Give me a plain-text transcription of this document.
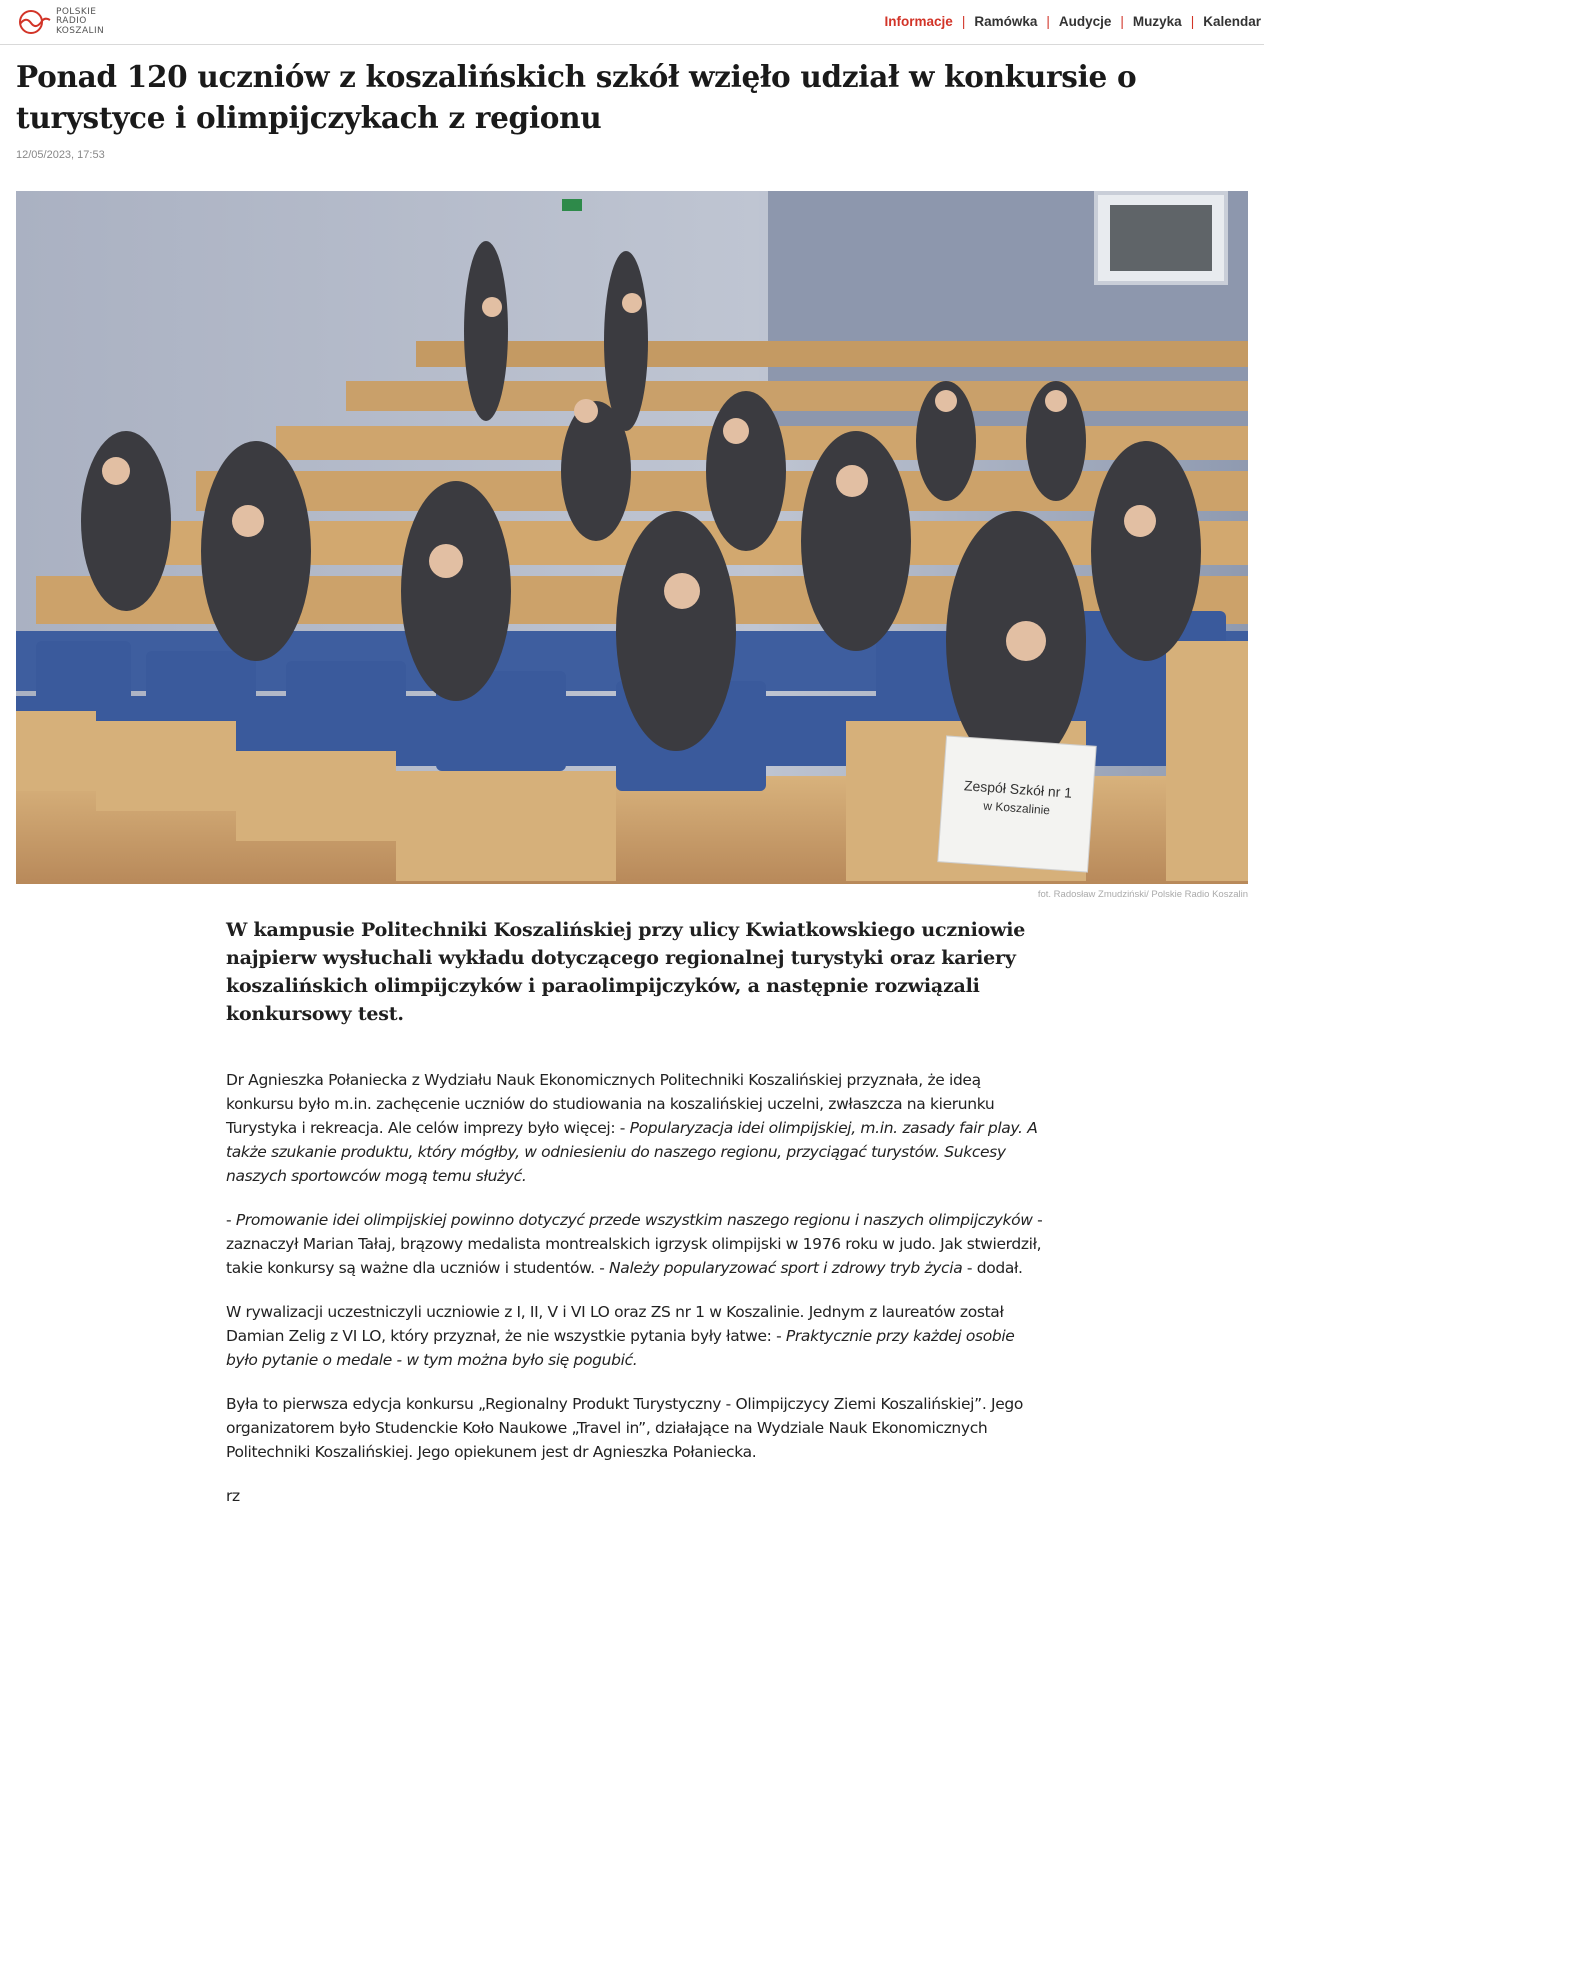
POLSKIE
RADIO
KOSZALIN
Informacje | Ramówka | Audycje | Muzyka | Kalendar
Ponad 120 uczniów z koszalińskich szkół wzięło udział w konkursie o turystyce i olimpijczykach z regionu
12/05/2023, 17:53
Zespół Szkół nr 1
w Koszalinie
fot. Radosław Zmudziński/ Polskie Radio Koszalin

W kampusie Politechniki Koszalińskiej przy ulicy Kwiatkowskiego uczniowie najpierw wysłuchali wykładu dotyczącego regionalnej turystyki oraz kariery koszalińskich olimpijczyków i paraolimpijczyków, a następnie rozwiązali konkursowy test.

Dr Agnieszka Połaniecka z Wydziału Nauk Ekonomicznych Politechniki Koszalińskiej przyznała, że ideą konkursu było m.in. zachęcenie uczniów do studiowania na koszalińskiej uczelni, zwłaszcza na kierunku Turystyka i rekreacja. Ale celów imprezy było więcej: - Popularyzacja idei olimpijskiej, m.in. zasady fair play. A także szukanie produktu, który mógłby, w odniesieniu do naszego regionu, przyciągać turystów. Sukcesy naszych sportowców mogą temu służyć.

- Promowanie idei olimpijskiej powinno dotyczyć przede wszystkim naszego regionu i naszych olimpijczyków - zaznaczył Marian Tałaj, brązowy medalista montrealskich igrzysk olimpijski w 1976 roku w judo. Jak stwierdził, takie konkursy są ważne dla uczniów i studentów. - Należy popularyzować sport i zdrowy tryb życia - dodał.

W rywalizacji uczestniczyli uczniowie z I, II, V i VI LO oraz ZS nr 1 w Koszalinie. Jednym z laureatów został Damian Zelig z VI LO, który przyznał, że nie wszystkie pytania były łatwe: - Praktycznie przy każdej osobie było pytanie o medale - w tym można było się pogubić.

Była to pierwsza edycja konkursu „Regionalny Produkt Turystyczny - Olimpijczycy Ziemi Koszalińskiej”. Jego organizatorem było Studenckie Koło Naukowe „Travel in”, działające na Wydziale Nauk Ekonomicznych Politechniki Koszalińskiej. Jego opiekunem jest dr Agnieszka Połaniecka.

rz
